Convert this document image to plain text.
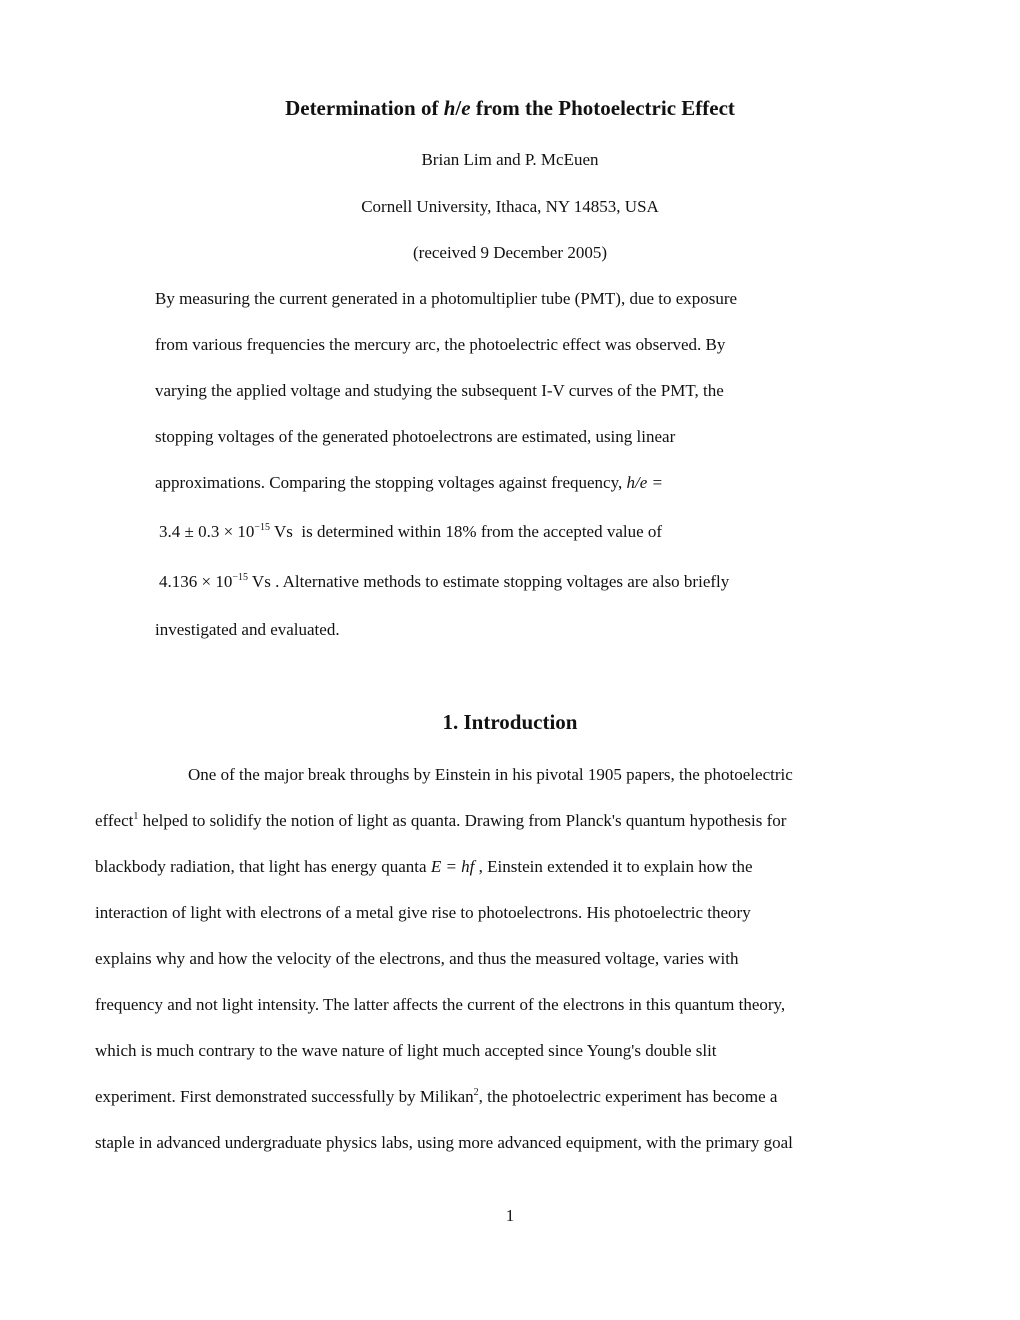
Determination of h/e from the Photoelectric Effect
Brian Lim and P. McEuen
Cornell University, Ithaca, NY 14853, USA
(received 9 December 2005)
By measuring the current generated in a photomultiplier tube (PMT), due to exposure
from various frequencies the mercury arc, the photoelectric effect was observed. By
varying the applied voltage and studying the subsequent I-V curves of the PMT, the
stopping voltages of the generated photoelectrons are estimated, using linear
approximations. Comparing the stopping voltages against frequency, h/e =
$3.4 \pm 0.3 \times 10^{-15}$ Vs is determined within 18% from the accepted value of
$4.136 \times 10^{-15}$ Vs . Alternative methods to estimate stopping voltages are also briefly
investigated and evaluated.
1. Introduction
One of the major break throughs by Einstein in his pivotal 1905 papers, the photoelectric
effect$^1$ helped to solidify the notion of light as quanta. Drawing from Planck's quantum hypothesis for
blackbody radiation, that light has energy quanta E = hf , Einstein extended it to explain how the
interaction of light with electrons of a metal give rise to photoelectrons. His photoelectric theory
explains why and how the velocity of the electrons, and thus the measured voltage, varies with
frequency and not light intensity. The latter affects the current of the electrons in this quantum theory,
which is much contrary to the wave nature of light much accepted since Young's double slit
experiment. First demonstrated successfully by Milikan$^2$, the photoelectric experiment has become a
staple in advanced undergraduate physics labs, using more advanced equipment, with the primary goal
1
